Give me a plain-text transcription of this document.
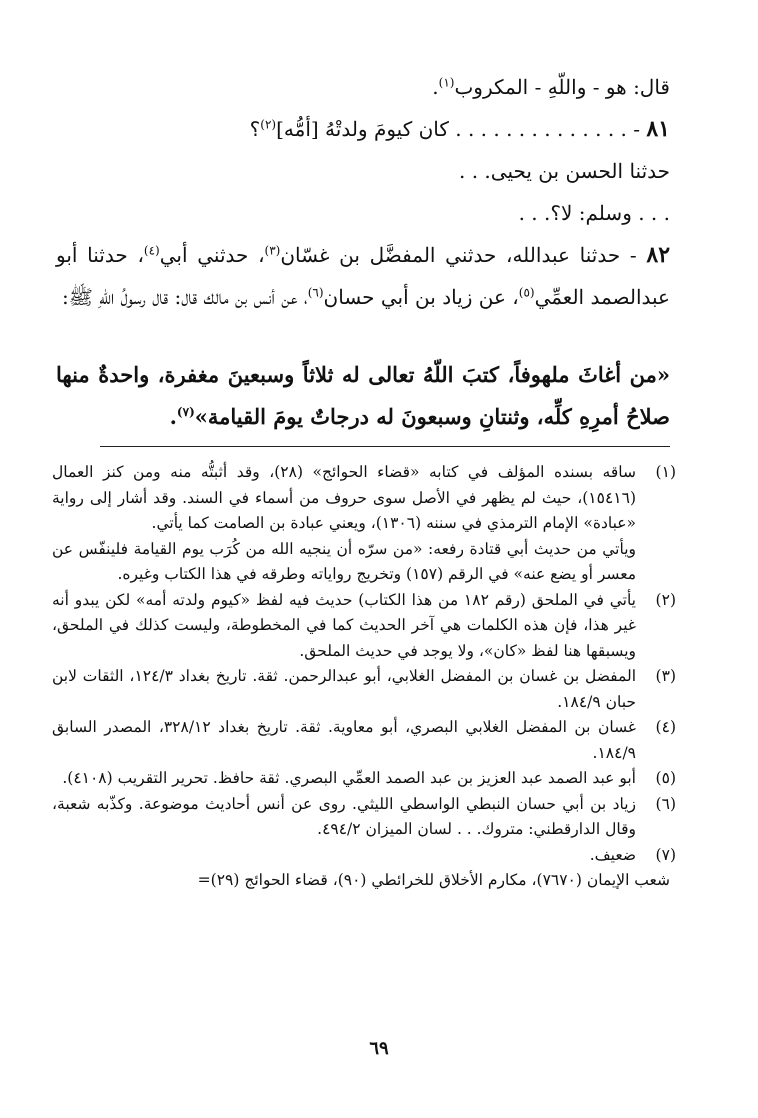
قال: هو - واللّهِ - المكروب$^{(١)}$.
٨١ - . . . . . . . . . . . . . . كان كيومَ ولدتْهُ [أمُّه]$^{(٢)}$؟
حدثنا الحسن بن يحيى. . .
. . . وسلم: لا؟. . .
٨٢ - حدثنا عبدالله، حدثني المفضَّل بن غسّان$^{(٣)}$، حدثني أبي$^{(٤)}$، حدثنا أبو عبدالصمد العمِّي$^{(٥)}$، عن زياد بن أبي حسان$^{(٦)}$، عن أنس بن مالك قال: قال رسولُ اللّهِ ﷺ:
«من أغاثَ ملهوفاً، كتبَ اللّهُ تعالى له ثلاثاً وسبعينَ مغفرة، واحدةٌ منها صلاحُ أمرِهِ كلِّه، وثنتانِ وسبعونَ له درجاتٌ يومَ القيامة»$^{(٧)}$.
(١)
ساقه بسنده المؤلف في كتابه «قضاء الحوائج» (٢٨)، وقد أثبتُّه منه ومن كنز العمال (١٥٤١٦)، حيث لم يظهر في الأصل سوى حروف من أسماء في السند. وقد أشار إلى رواية «عبادة» الإمام الترمذي في سننه (١٣٠٦)، ويعني عبادة بن الصامت كما يأتي.
ويأتي من حديث أبي قتادة رفعه: «من سرّه أن ينجيه الله من كُرَب يوم القيامة فلينفّس عن معسر أو يضع عنه» في الرقم (١٥٧) وتخريج رواياته وطرقه في هذا الكتاب وغيره.
(٢)
يأتي في الملحق (رقم ١٨٢ من هذا الكتاب) حديث فيه لفظ «كيوم ولدته أمه» لكن يبدو أنه غير هذا، فإن هذه الكلمات هي آخر الحديث كما في المخطوطة، وليست كذلك في الملحق، ويسبقها هنا لفظ «كان»، ولا يوجد في حديث الملحق.
(٣)
المفضل بن غسان بن المفضل الغلابي، أبو عبدالرحمن. ثقة. تاريخ بغداد ١٢٤/٣، الثقات لابن حبان ١٨٤/٩.
(٤)
غسان بن المفضل الغلابي البصري، أبو معاوية. ثقة. تاريخ بغداد ٣٢٨/١٢، المصدر السابق ١٨٤/٩.
(٥)
أبو عبد الصمد عبد العزيز بن عبد الصمد العمِّي البصري. ثقة حافظ. تحرير التقريب (٤١٠٨).
(٦)
زياد بن أبي حسان النبطي الواسطي الليثي. روى عن أنس أحاديث موضوعة. وكذّبه شعبة، وقال الدارقطني: متروك. . . لسان الميزان ٤٩٤/٢.
(٧)
ضعيف.
شعب الإيمان (٧٦٧٠)، مكارم الأخلاق للخرائطي (٩٠)، قضاء الحوائج (٢٩)=
٦٩
